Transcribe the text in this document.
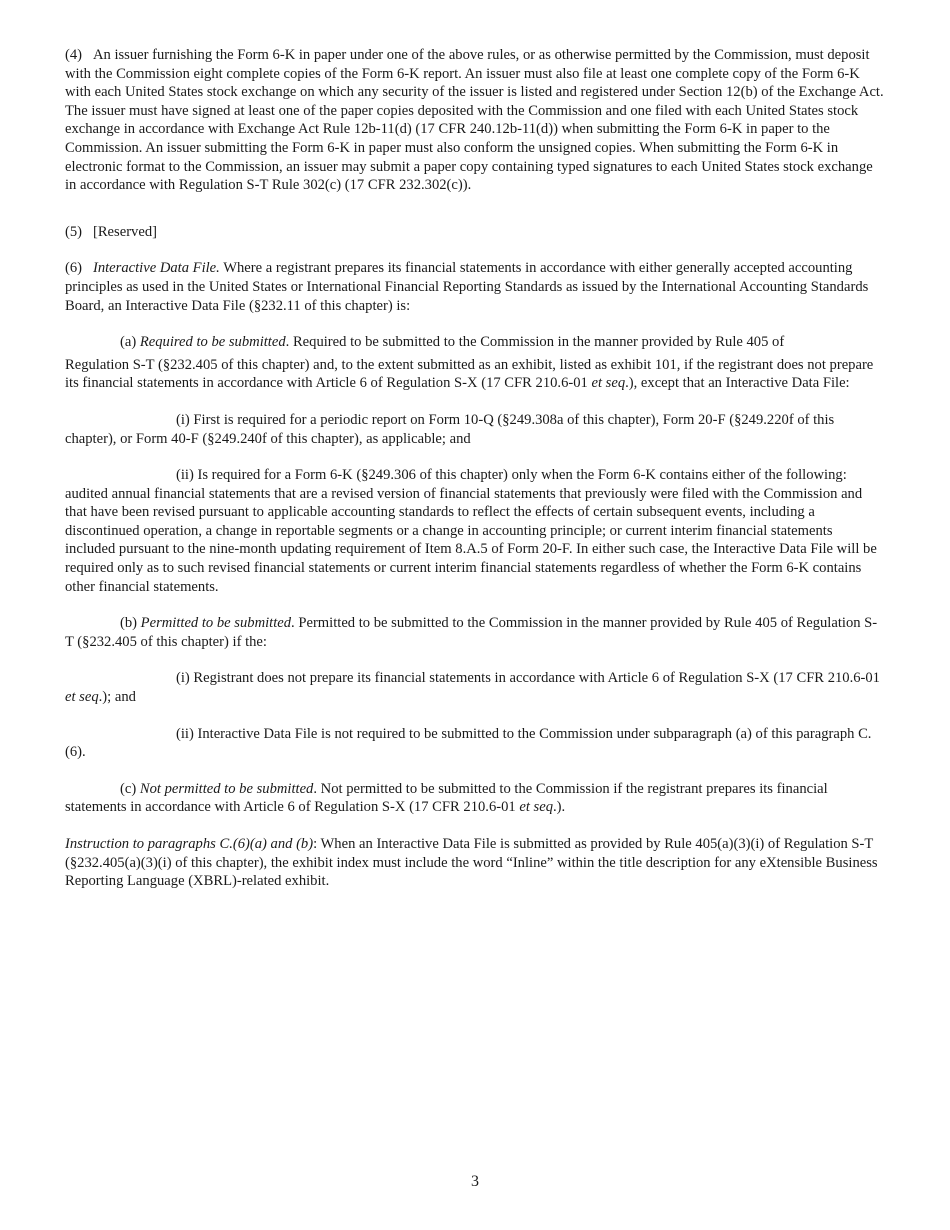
(4)   An issuer furnishing the Form 6-K in paper under one of the above rules, or as otherwise permitted by the Commission, must deposit with the Commission eight complete copies of the Form 6-K report. An issuer must also file at least one complete copy of the Form 6-K with each United States stock exchange on which any security of the issuer is listed and registered under Section 12(b) of the Exchange Act. The issuer must have signed at least one of the paper copies deposited with the Commission and one filed with each United States stock exchange in accordance with Exchange Act Rule 12b-11(d) (17 CFR 240.12b-11(d)) when submitting the Form 6-K in paper to the Commission. An issuer submitting the Form 6-K in paper must also conform the unsigned copies. When submitting the Form 6-K in electronic format to the Commission, an issuer may submit a paper copy containing typed signatures to each United States stock exchange in accordance with Regulation S-T Rule 302(c) (17 CFR 232.302(c)).

(5)   [Reserved]

(6)   Interactive Data File. Where a registrant prepares its financial statements in accordance with either generally accepted accounting principles as used in the United States or International Financial Reporting Standards as issued by the International Accounting Standards Board, an Interactive Data File (§232.11 of this chapter) is:

(a) Required to be submitted. Required to be submitted to the Commission in the manner provided by Rule 405 of
Regulation S-T (§232.405 of this chapter) and, to the extent submitted as an exhibit, listed as exhibit 101, if the registrant does not prepare its financial statements in accordance with Article 6 of Regulation S-X (17 CFR 210.6-01 et seq.), except that an Interactive Data File:

(i) First is required for a periodic report on Form 10-Q (§249.308a of this chapter), Form 20-F (§249.220f of this chapter), or Form 40-F (§249.240f of this chapter), as applicable; and

(ii) Is required for a Form 6-K (§249.306 of this chapter) only when the Form 6-K contains either of the following: audited annual financial statements that are a revised version of financial statements that previously were filed with the Commission and that have been revised pursuant to applicable accounting standards to reflect the effects of certain subsequent events, including a discontinued operation, a change in reportable segments or a change in accounting principle; or current interim financial statements included pursuant to the nine-month updating requirement of Item 8.A.5 of Form 20-F. In either such case, the Interactive Data File will be required only as to such revised financial statements or current interim financial statements regardless of whether the Form 6-K contains other financial statements.

(b) Permitted to be submitted. Permitted to be submitted to the Commission in the manner provided by Rule 405 of Regulation S-T (§232.405 of this chapter) if the:

(i) Registrant does not prepare its financial statements in accordance with Article 6 of Regulation S-X (17 CFR 210.6-01 et seq.); and

(ii) Interactive Data File is not required to be submitted to the Commission under subparagraph (a) of this paragraph C.(6).

(c) Not permitted to be submitted. Not permitted to be submitted to the Commission if the registrant prepares its financial statements in accordance with Article 6 of Regulation S-X (17 CFR 210.6-01 et seq.).

Instruction to paragraphs C.(6)(a) and (b): When an Interactive Data File is submitted as provided by Rule 405(a)(3)(i) of Regulation S-T (§232.405(a)(3)(i) of this chapter), the exhibit index must include the word “Inline” within the title description for any eXtensible Business Reporting Language (XBRL)-related exhibit.

3
